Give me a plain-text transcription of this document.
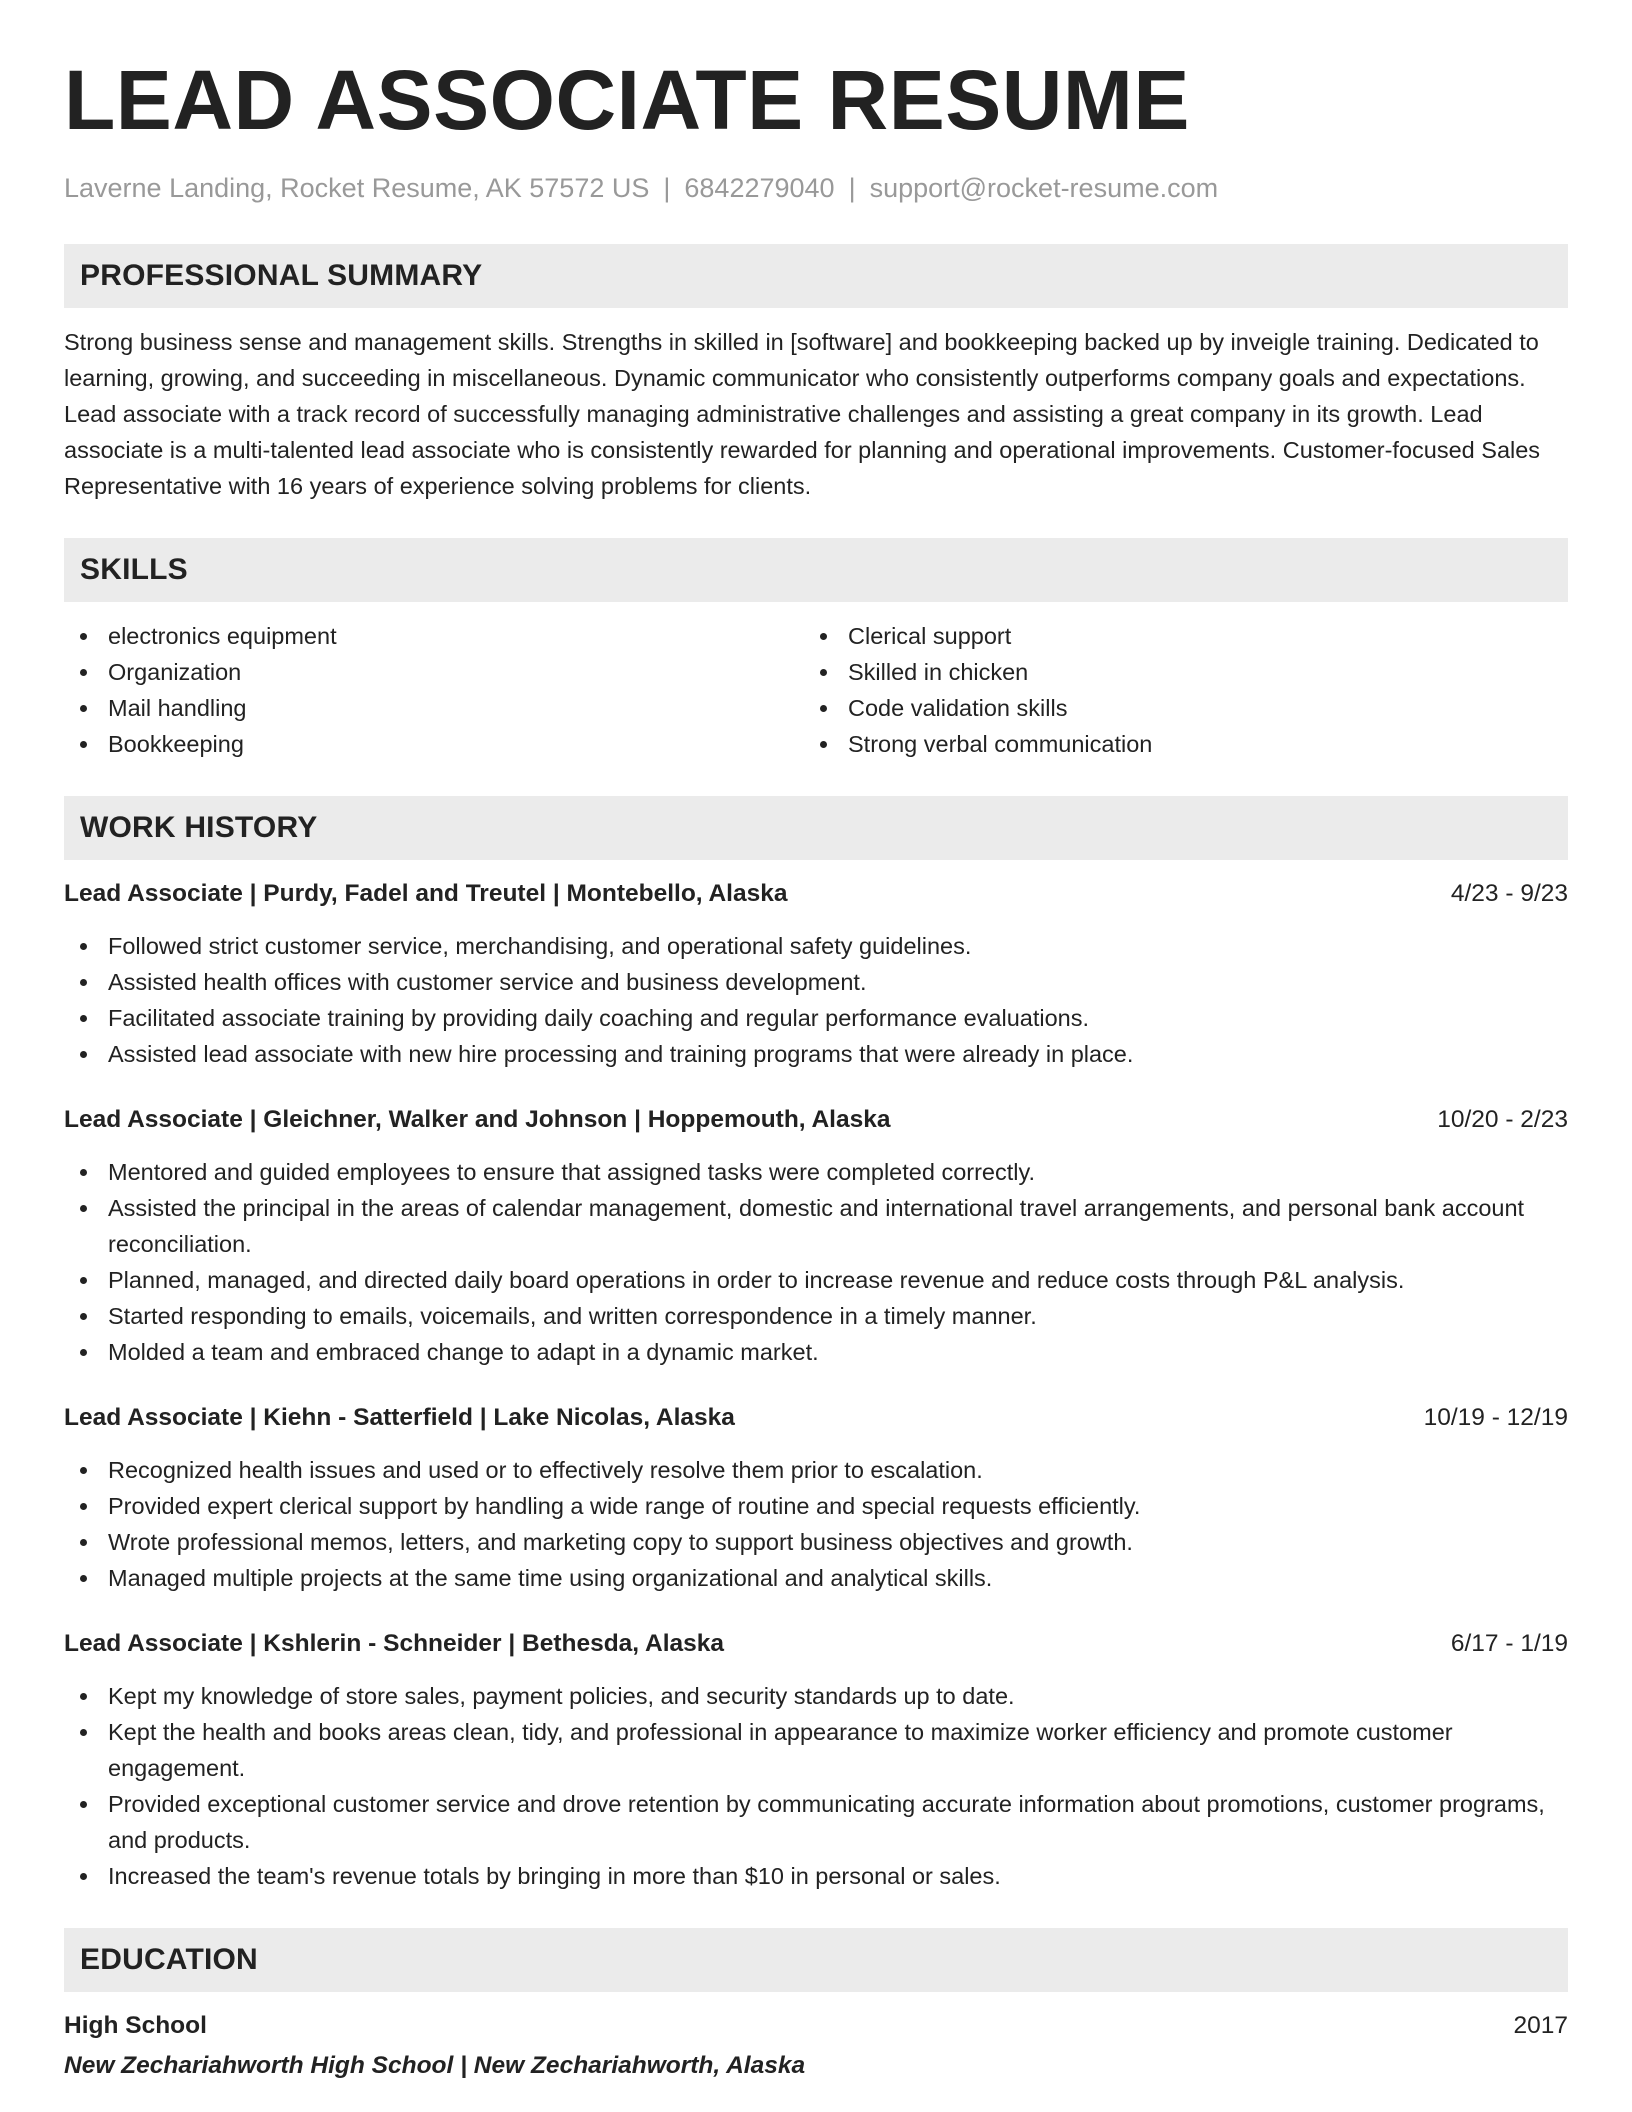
LEAD ASSOCIATE RESUME
Laverne Landing, Rocket Resume, AK 57572 US | 6842279040 | support@rocket-resume.com
PROFESSIONAL SUMMARY
Strong business sense and management skills. Strengths in skilled in [software] and bookkeeping backed up by inveigle training. Dedicated to learning, growing, and succeeding in miscellaneous. Dynamic communicator who consistently outperforms company goals and expectations. Lead associate with a track record of successfully managing administrative challenges and assisting a great company in its growth. Lead associate is a multi-talented lead associate who is consistently rewarded for planning and operational improvements. Customer-focused Sales Representative with 16 years of experience solving problems for clients.
SKILLS
electronics equipment
Organization
Mail handling
Bookkeeping
Clerical support
Skilled in chicken
Code validation skills
Strong verbal communication
WORK HISTORY
Lead Associate | Purdy, Fadel and Treutel | Montebello, Alaska	4/23 - 9/23
Followed strict customer service, merchandising, and operational safety guidelines.
Assisted health offices with customer service and business development.
Facilitated associate training by providing daily coaching and regular performance evaluations.
Assisted lead associate with new hire processing and training programs that were already in place.
Lead Associate | Gleichner, Walker and Johnson | Hoppemouth, Alaska	10/20 - 2/23
Mentored and guided employees to ensure that assigned tasks were completed correctly.
Assisted the principal in the areas of calendar management, domestic and international travel arrangements, and personal bank account reconciliation.
Planned, managed, and directed daily board operations in order to increase revenue and reduce costs through P&L analysis.
Started responding to emails, voicemails, and written correspondence in a timely manner.
Molded a team and embraced change to adapt in a dynamic market.
Lead Associate | Kiehn - Satterfield | Lake Nicolas, Alaska	10/19 - 12/19
Recognized health issues and used or to effectively resolve them prior to escalation.
Provided expert clerical support by handling a wide range of routine and special requests efficiently.
Wrote professional memos, letters, and marketing copy to support business objectives and growth.
Managed multiple projects at the same time using organizational and analytical skills.
Lead Associate | Kshlerin - Schneider | Bethesda, Alaska	6/17 - 1/19
Kept my knowledge of store sales, payment policies, and security standards up to date.
Kept the health and books areas clean, tidy, and professional in appearance to maximize worker efficiency and promote customer engagement.
Provided exceptional customer service and drove retention by communicating accurate information about promotions, customer programs, and products.
Increased the team's revenue totals by bringing in more than $10 in personal or sales.
EDUCATION
High School	2017
New Zechariahworth High School | New Zechariahworth, Alaska
